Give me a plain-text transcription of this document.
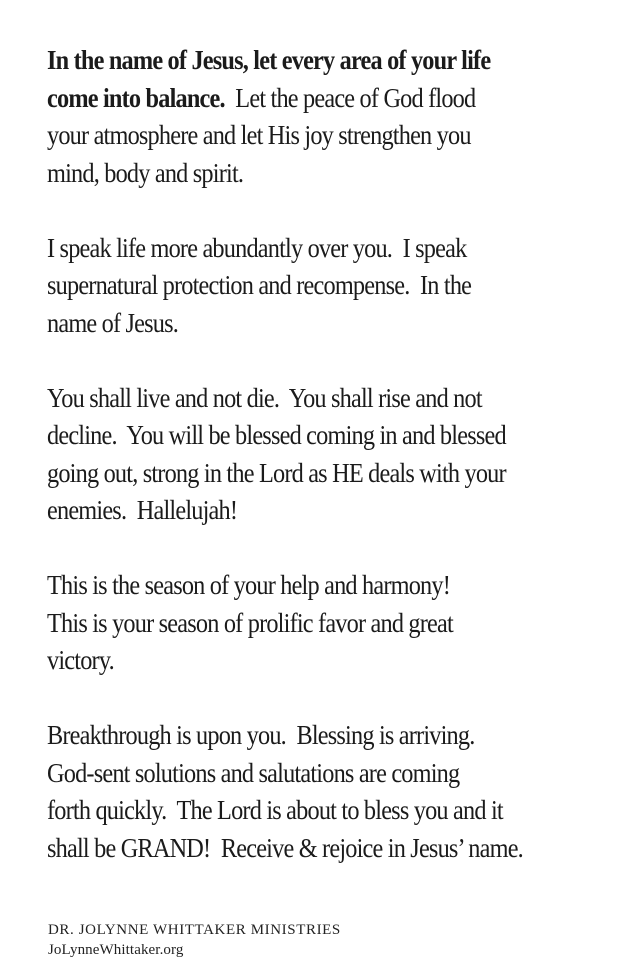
In the name of Jesus, let every area of your life
come into balance.  Let the peace of God flood
your atmosphere and let His joy strengthen you
mind, body and spirit.

I speak life more abundantly over you.  I speak
supernatural protection and recompense.  In the
name of Jesus.

You shall live and not die.  You shall rise and not
decline.  You will be blessed coming in and blessed
going out, strong in the Lord as HE deals with your
enemies.  Hallelujah!

This is the season of your help and harmony!
This is your season of prolific favor and great
victory.

Breakthrough is upon you.  Blessing is arriving.
God-sent solutions and salutations are coming
forth quickly.  The Lord is about to bless you and it
shall be GRAND!  Receive & rejoice in Jesus’ name.

DR. JOLYNNE WHITTAKER MINISTRIES
JoLynneWhittaker.org
